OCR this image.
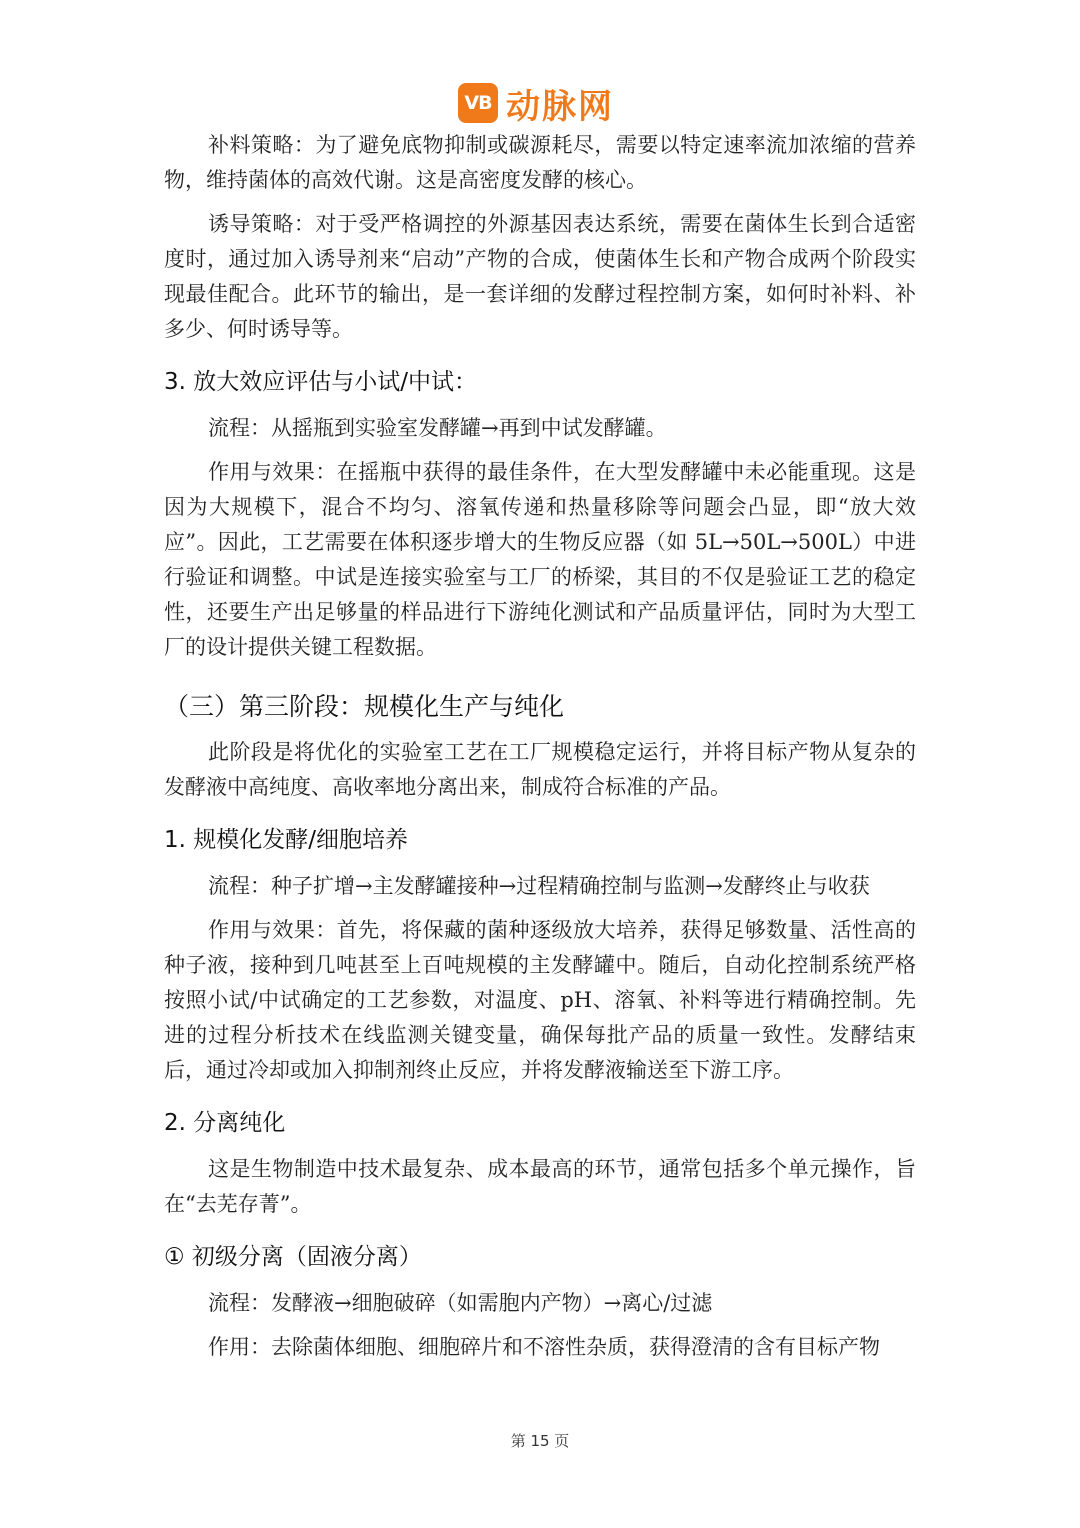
VB 动脉网

补料策略：为了避免底物抑制或碳源耗尽，需要以特定速率流加浓缩的营养物，维持菌体的高效代谢。这是高密度发酵的核心。

诱导策略：对于受严格调控的外源基因表达系统，需要在菌体生长到合适密度时，通过加入诱导剂来“启动”产物的合成，使菌体生长和产物合成两个阶段实现最佳配合。此环节的输出，是一套详细的发酵过程控制方案，如何时补料、补多少、何时诱导等。

3. 放大效应评估与小试/中试：

流程：从摇瓶到实验室发酵罐→再到中试发酵罐。

作用与效果：在摇瓶中获得的最佳条件，在大型发酵罐中未必能重现。这是因为大规模下，混合不均匀、溶氧传递和热量移除等问题会凸显，即“放大效应”。因此，工艺需要在体积逐步增大的生物反应器（如 5L→50L→500L）中进行验证和调整。中试是连接实验室与工厂的桥梁，其目的不仅是验证工艺的稳定性，还要生产出足够量的样品进行下游纯化测试和产品质量评估，同时为大型工厂的设计提供关键工程数据。

（三）第三阶段：规模化生产与纯化

此阶段是将优化的实验室工艺在工厂规模稳定运行，并将目标产物从复杂的发酵液中高纯度、高收率地分离出来，制成符合标准的产品。

1. 规模化发酵/细胞培养

流程：种子扩增→主发酵罐接种→过程精确控制与监测→发酵终止与收获

作用与效果：首先，将保藏的菌种逐级放大培养，获得足够数量、活性高的种子液，接种到几吨甚至上百吨规模的主发酵罐中。随后，自动化控制系统严格按照小试/中试确定的工艺参数，对温度、pH、溶氧、补料等进行精确控制。先进的过程分析技术在线监测关键变量，确保每批产品的质量一致性。发酵结束后，通过冷却或加入抑制剂终止反应，并将发酵液输送至下游工序。

2. 分离纯化

这是生物制造中技术最复杂、成本最高的环节，通常包括多个单元操作，旨在“去芜存菁”。

① 初级分离（固液分离）

流程：发酵液→细胞破碎（如需胞内产物）→离心/过滤

作用：去除菌体细胞、细胞碎片和不溶性杂质，获得澄清的含有目标产物

第 15 页
